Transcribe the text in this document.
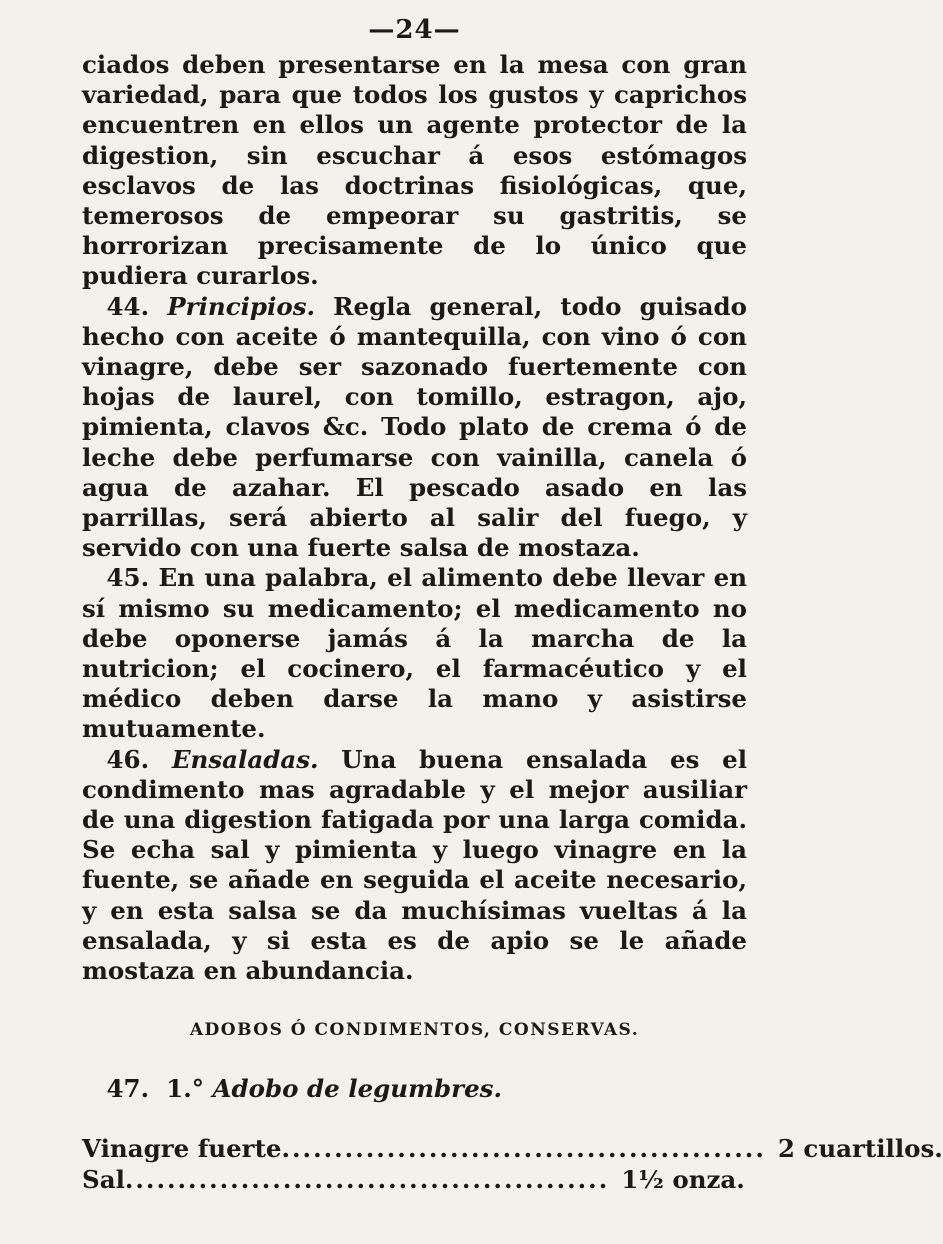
—24—

ciados deben presentarse en la mesa con gran variedad, para que todos los gustos y caprichos encuentren en ellos un agente protector de la digestion, sin escuchar á esos estómagos esclavos de las doctrinas fisiológicas, que, temerosos de empeorar su gastritis, se horrorizan precisamente de lo único que pudiera curarlos.

 44. Principios. Regla general, todo guisado hecho con aceite ó mantequilla, con vino ó con vinagre, debe ser sazonado fuertemente con hojas de laurel, con tomillo, estragon, ajo, pimienta, clavos &c. Todo plato de crema ó de leche debe perfumarse con vainilla, canela ó agua de azahar. El pescado asado en las parrillas, será abierto al salir del fuego, y servido con una fuerte salsa de mostaza.

 45. En una palabra, el alimento debe llevar en sí mismo su medicamento; el medicamento no debe oponerse jamás á la marcha de la nutricion; el cocinero, el farmacéutico y el médico deben darse la mano y asistirse mutuamente.

 46. Ensaladas. Una buena ensalada es el condimento mas agradable y el mejor ausiliar de una digestion fatigada por una larga comida. Se echa sal y pimienta y luego vinagre en la fuente, se añade en seguida el aceite necesario, y en esta salsa se da muchísimas vueltas á la ensalada, y si esta es de apio se le añade mostaza en abundancia.

ADOBOS Ó CONDIMENTOS, CONSERVAS.
 47. 1.° Adobo de legumbres.
Vinagre fuerte .............................................. 2 cuartillos.
Sal .............................................. 1½ onza.
